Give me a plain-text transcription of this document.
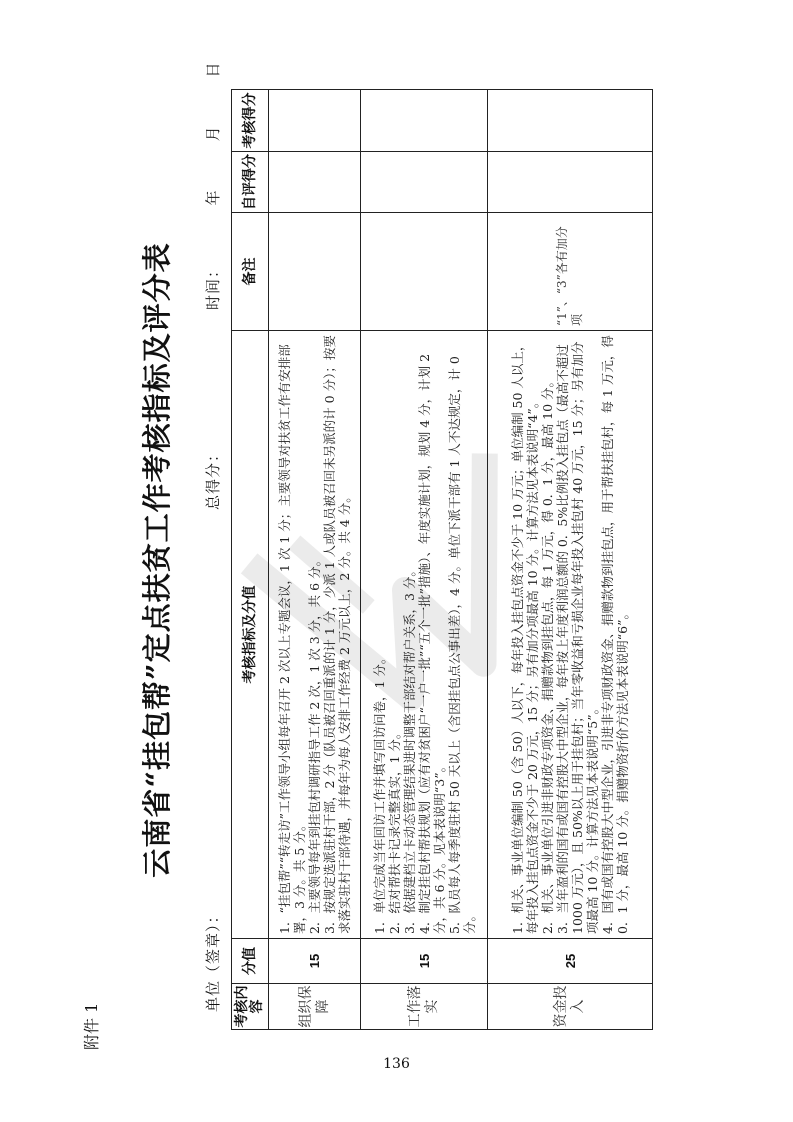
附件 1
云南省“挂包帮”定点扶贫工作考核指标及评分表
单位（签章）：
总得分：
时间：　　　　年　　　月　　　日
考核内容	分值	考核指标及分值	备注	自评得分	考核得分
组织保障	15	1．“挂包帮”“转走访”工作领导小组每年召开 2 次以上专题会议，1 次 1 分；主要领导对扶贫工作有安排部署，3 分。共 5 分。 2．主要领导每年到挂包村调研指导工作 2 次，1 次 3 分，共 6 分。 3．按规定选派驻村干部，2 分（队员被召回重派的计 1 分，少派 1 人或队员被召回未另派的计 0 分）；按要求落实驻村干部待遇，并每年为每人安排工作经费 2 万元以上，2 分。共 4 分。			

工作落实	15	1．单位完成当年回访工作并填写回访问卷，1 分。 2．结对帮扶卡记录完整真实，1 分。 3．依据建档立卡动态管理结果进时调整干部结对帮户关系，3 分。 4．制定挂包村帮扶规划（应有对贫困户“一户一批”“五个一批”措施）、年度实施计划，规划 4 分，计划 2 分，共 6 分。见本表说明“3”。 5．队员每人每季度驻村 50 天以上（含因挂包点公事出差），4 分。单位下派干部有 1 人不达规定，计 0 分。			

资金投入	25	1．机关、事业单位编制 50（含 50）人以下，每年投入挂包点资金不少于 10 万元；单位编制 50 人以上，每年投入挂包点资金不少于 20 万元，15 分；另有加分项最高 10 分。计算方法见本表说明“4”。 2．机关、事业单位引进非财政专项资金、捐赠款物到挂包点，每 1 万元，得 0．1 分，最高 10 分。 3．当年盈利的国有或国有控股大中型企业，每年按上年度利润总额的 0．5%比例投入挂包点（最高不超过 1000 万元），且 50%以上用于挂包村；当年零收益和亏损企业每年投入挂包村 40 万元，15 分；另有加分项最高 10 分。计算方法见本表说明“5”。 4．国有或国有控股大中型企业，引进非专项财政资金、捐赠款物到挂包点，用于帮扶挂包村，每 1 万元，得 0．1 分，最高 10 分。捐赠物资折价方法见本表说明“6”。	“1”、“3”各有加分项		
136
